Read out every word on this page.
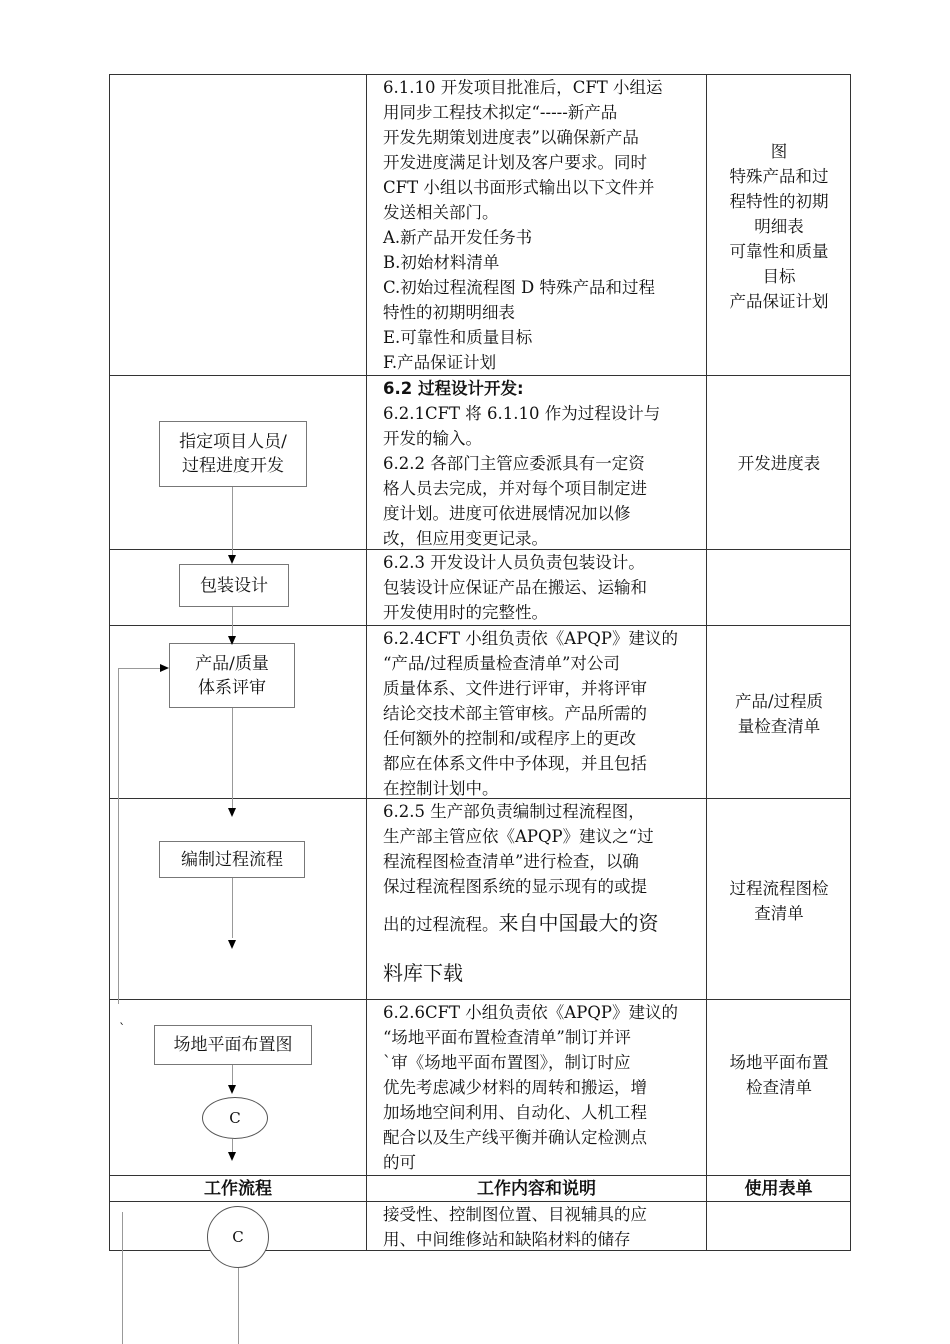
6.1.10 开发项目批准后，CFT 小组运

用同步工程技术拟定“-----新产品

开发先期策划进度表”以确保新产品

开发进度满足计划及客户要求。同时

CFT 小组以书面形式输出以下文件并

发送相关部门。

A.新产品开发任务书

B.初始材料清单

C.初始过程流程图 D 特殊产品和过程

特性的初期明细表

E.可靠性和质量目标

F.产品保证计划

图

特殊产品和过

程特性的初期

明细表

可靠性和质量

目标

产品保证计划

指定项目人员/
过程进度开发

6.2 过程设计开发:

6.2.1CFT 将 6.1.10 作为过程设计与

开发的输入。

6.2.2 各部门主管应委派具有一定资

格人员去完成，并对每个项目制定进

度计划。进度可依进展情况加以修

改，但应用变更记录。

开发进度表

包装设计

6.2.3 开发设计人员负责包装设计。

包装设计应保证产品在搬运、运输和

开发使用时的完整性。

产品/质量
体系评审

6.2.4CFT 小组负责依《APQP》建议的

“产品/过程质量检查清单”对公司

质量体系、文件进行评审，并将评审

结论交技术部主管审核。产品所需的

任何额外的控制和/或程序上的更改

都应在体系文件中予体现，并且包括

在控制计划中。

产品/过程质

量检查清单

编制过程流程

6.2.5 生产部负责编制过程流程图，

生产部主管应依《APQP》建议之“过

程流程图检查清单”进行检查，以确

保过程流程图系统的显示现有的或提

出的过程流程。来自中国最大的资

料库下载

过程流程图检

查清单

`
场地平面布置图
C

6.2.6CFT 小组负责依《APQP》建议的

“场地平面布置检查清单”制订并评

`审《场地平面布置图》，制订时应

优先考虑减少材料的周转和搬运，增

加场地空间利用、自动化、人机工程

配合以及生产线平衡并确认定检测点

的可

场地平面布置

检查清单

工作流程	工作内容和说明	使用表单
C

接受性、控制图位置、目视辅具的应

用、中间维修站和缺陷材料的储存
